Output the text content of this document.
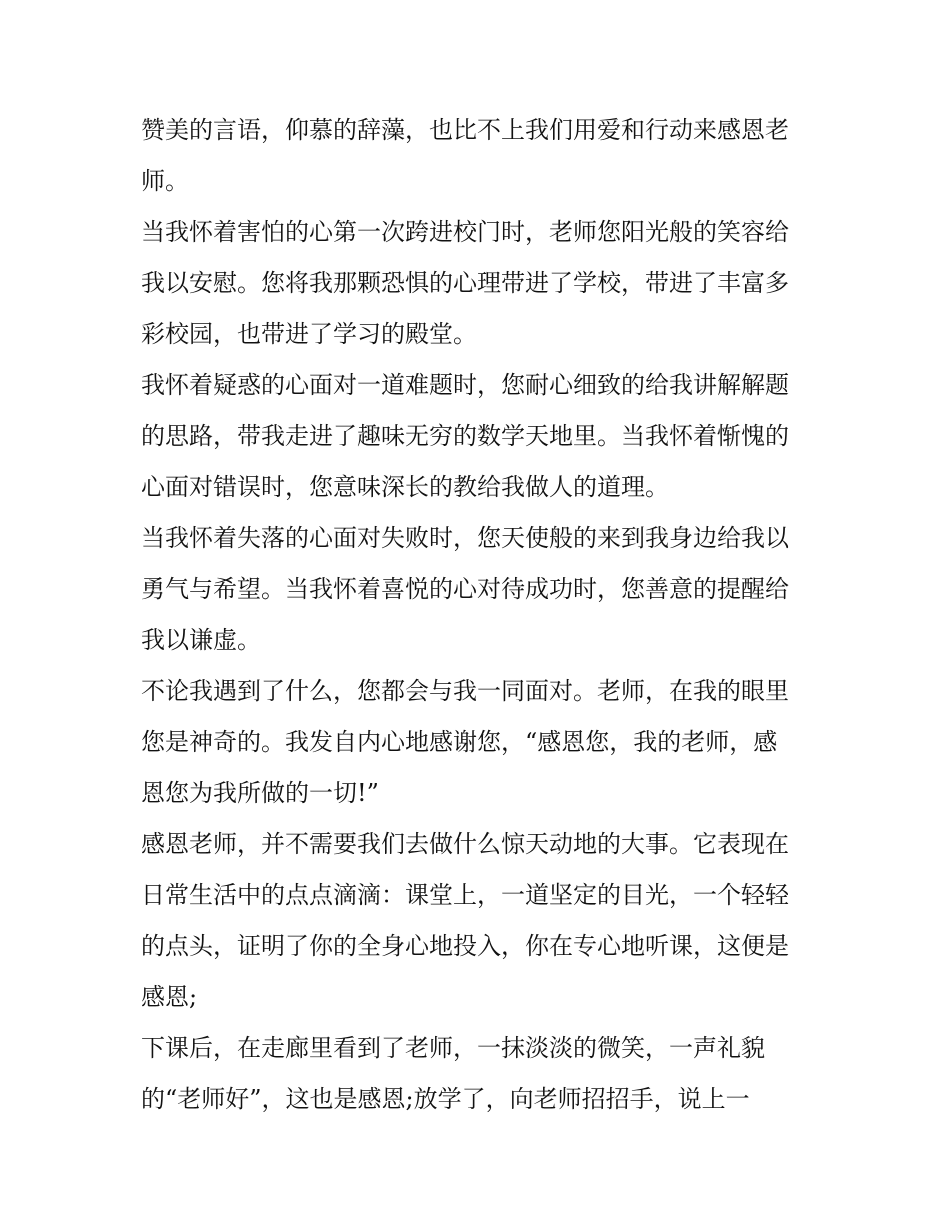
赞美的言语，仰慕的辞藻，也比不上我们用爱和行动来感恩老

师。

当我怀着害怕的心第一次跨进校门时，老师您阳光般的笑容给

我以安慰。您将我那颗恐惧的心理带进了学校，带进了丰富多

彩校园，也带进了学习的殿堂。

我怀着疑惑的心面对一道难题时，您耐心细致的给我讲解解题

的思路，带我走进了趣味无穷的数学天地里。当我怀着惭愧的

心面对错误时，您意味深长的教给我做人的道理。

当我怀着失落的心面对失败时，您天使般的来到我身边给我以

勇气与希望。当我怀着喜悦的心对待成功时，您善意的提醒给

我以谦虚。

不论我遇到了什么，您都会与我一同面对。老师，在我的眼里

您是神奇的。我发自内心地感谢您，“感恩您，我的老师，感

恩您为我所做的一切!”

感恩老师，并不需要我们去做什么惊天动地的大事。它表现在

日常生活中的点点滴滴：课堂上，一道坚定的目光，一个轻轻

的点头，证明了你的全身心地投入，你在专心地听课，这便是

感恩;

下课后，在走廊里看到了老师，一抹淡淡的微笑，一声礼貌

的“老师好”，这也是感恩;放学了，向老师招招手，说上一
